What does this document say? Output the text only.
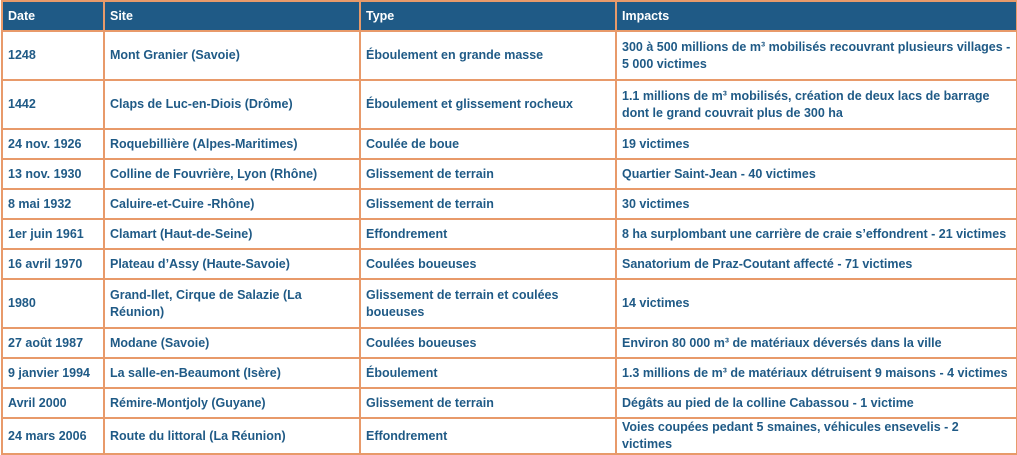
Date	Site	Type	Impacts
1248	Mont Granier (Savoie)	Éboulement en grande masse	300 à 500 millions de m³ mobilisés recouvrant plusieurs villages - 5 000 victimes
1442	Claps de Luc-en-Diois (Drôme)	Éboulement et glissement rocheux	1.1 millions de m³ mobilisés, création de deux lacs de barrage dont le grand couvrait plus de 300 ha
24 nov. 1926	Roquebillière (Alpes-Maritimes)	Coulée de boue	19 victimes
13 nov. 1930	Colline de Fouvrière, Lyon (Rhône)	Glissement de terrain	Quartier Saint-Jean - 40 victimes
8 mai 1932	Caluire-et-Cuire -Rhône)	Glissement de terrain	30 victimes
1er juin 1961	Clamart (Haut-de-Seine)	Effondrement	8 ha surplombant une carrière de craie s’effondrent - 21 victimes
16 avril 1970	Plateau d’Assy (Haute-Savoie)	Coulées boueuses	Sanatorium de Praz-Coutant affecté - 71 victimes
1980	Grand-Ilet, Cirque de Salazie (La Réunion)	Glissement de terrain et coulées boueuses	14 victimes
27 août 1987	Modane (Savoie)	Coulées boueuses	Environ 80 000 m³ de matériaux déversés dans la ville
9 janvier 1994	La salle-en-Beaumont (Isère)	Éboulement	1.3 millions de m³ de matériaux détruisent 9 maisons - 4 victimes
Avril 2000	Rémire-Montjoly (Guyane)	Glissement de terrain	Dégâts au pied de la colline Cabassou - 1 victime
24 mars 2006	Route du littoral (La Réunion)	Effondrement	Voies coupées pedant 5 smaines, véhicules ensevelis - 2 victimes
